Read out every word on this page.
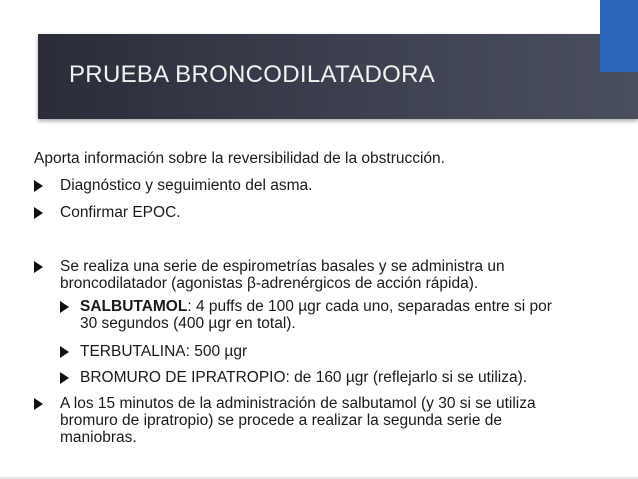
PRUEBA BRONCODILATADORA
Aporta información sobre la reversibilidad de la obstrucción.
Diagnóstico y seguimiento del asma.
Confirmar EPOC.
Se realiza una serie de espirometrías basales y se administra un
broncodilatador (agonistas β-adrenérgicos de acción rápida).
SALBUTAMOL: 4 puffs de 100 µgr cada uno, separadas entre si por
30 segundos (400 µgr en total).
TERBUTALINA: 500 µgr
BROMURO DE IPRATROPIO: de 160 µgr (reflejarlo si se utiliza).
A los 15 minutos de la administración de salbutamol (y 30 si se utiliza
bromuro de ipratropio) se procede a realizar la segunda serie de
maniobras.
